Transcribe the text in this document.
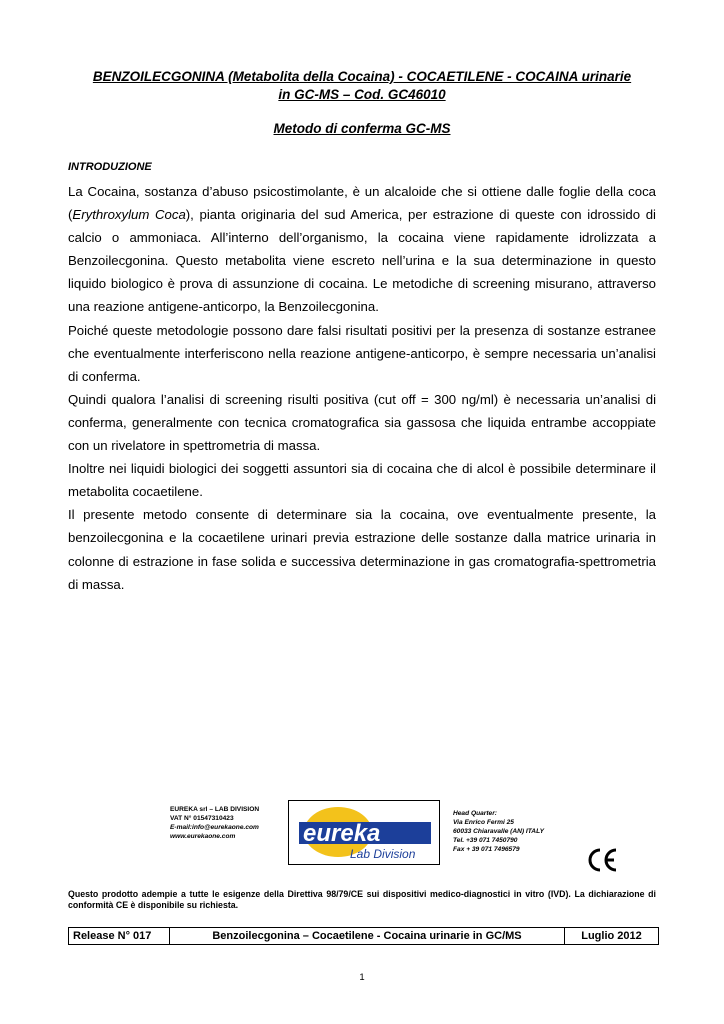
BENZOILECGONINA (Metabolita della Cocaina) - COCAETILENE - COCAINA urinarie
in GC-MS – Cod. GC46010
Metodo di conferma GC-MS
INTRODUZIONE

La Cocaina, sostanza d’abuso psicostimolante, è un alcaloide che si ottiene dalle foglie della coca (Erythroxylum Coca), pianta originaria del sud America, per estrazione di queste con idrossido di calcio o ammoniaca. All’interno dell’organismo, la cocaina viene rapidamente idrolizzata a Benzoilecgonina. Questo metabolita viene escreto nell’urina e la sua determinazione in questo liquido biologico è prova di assunzione di cocaina. Le metodiche di screening misurano, attraverso una reazione antigene-anticorpo, la Benzoilecgonina.

Poiché queste metodologie possono dare falsi risultati positivi per la presenza di sostanze estranee che eventualmente interferiscono nella reazione antigene-anticorpo, è sempre necessaria un’analisi di conferma.

Quindi qualora l’analisi di screening risulti positiva (cut off = 300 ng/ml) è necessaria un’analisi di conferma, generalmente con tecnica cromatografica sia gassosa che liquida entrambe accoppiate con un rivelatore in spettrometria di massa.

Inoltre nei liquidi biologici dei soggetti assuntori sia di cocaina che di alcol è possibile determinare il metabolita cocaetilene.

Il presente metodo consente di determinare sia la cocaina, ove eventualmente presente, la benzoilecgonina e la cocaetilene urinari previa estrazione delle sostanze dalla matrice urinaria in colonne di estrazione in fase solida e successiva determinazione in gas cromatografia-spettrometria di massa.

EUREKA srl – LAB DIVISION
VAT N° 01547310423
E-mail:info@eurekaone.com
www.eurekaone.com	eureka
Lab Division
Head Quarter:
Via Enrico Fermi 25
60033 Chiaravalle (AN) ITALY
Tel. +39 071 7450790
Fax + 39 071 7496579
Questo prodotto adempie a tutte le esigenze della Direttiva 98/79/CE sui dispositivi medico-diagnostici in vitro (IVD). La dichiarazione di conformità CE è disponibile su richiesta.
Release N° 017	Benzoilecgonina – Cocaetilene - Cocaina urinarie in GC/MS	Luglio 2012
1
